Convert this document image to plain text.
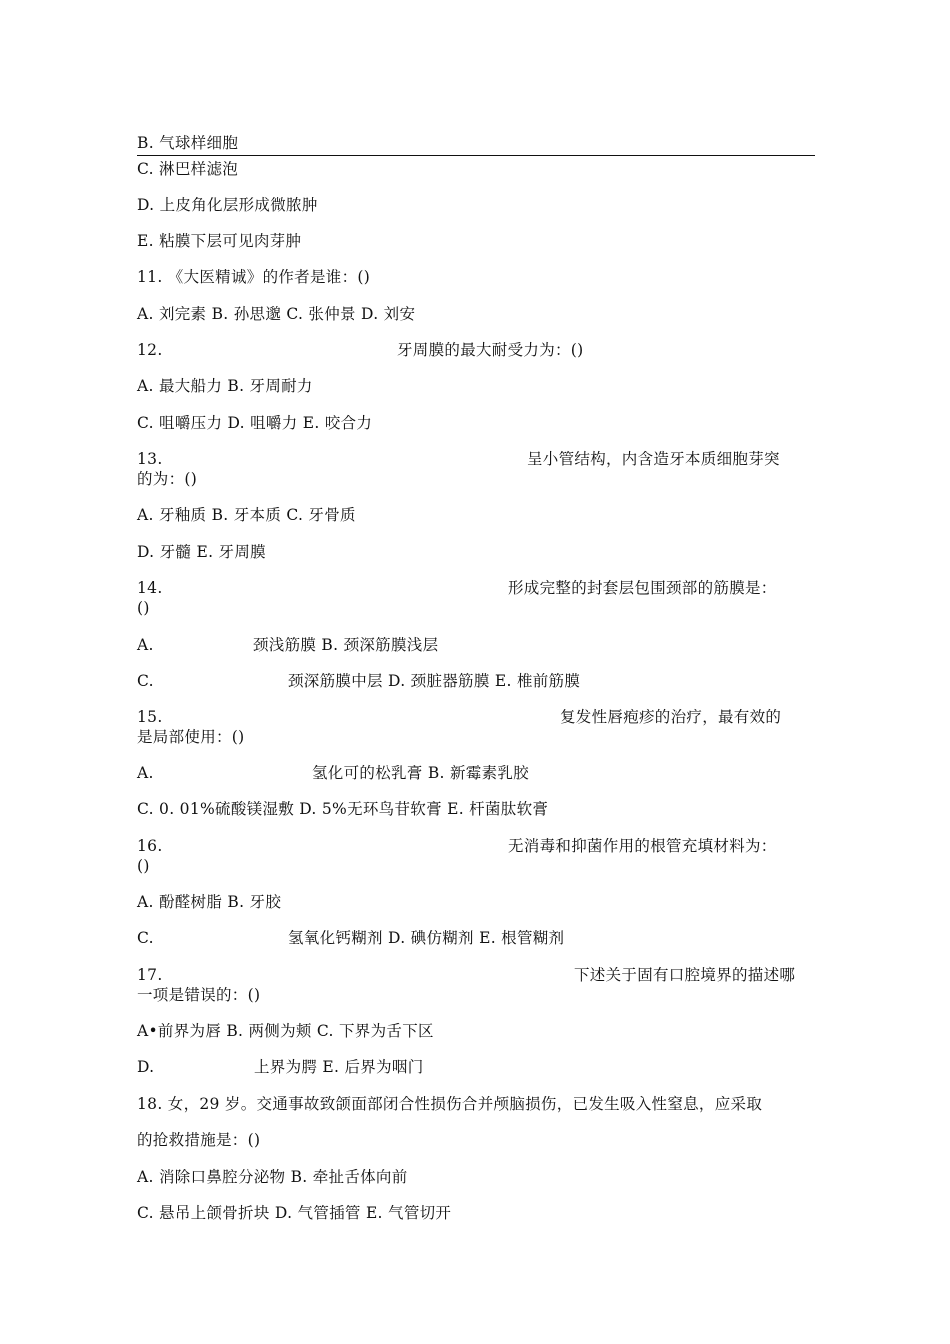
B. 气球样细胞
C. 淋巴样滤泡
D. 上皮角化层形成微脓肿
E. 粘膜下层可见肉芽肿
11. 《大医精诚》的作者是谁：()
A. 刘完素 B. 孙思邈 C. 张仲景 D. 刘安
12.	牙周膜的最大耐受力为：()
A. 最大船力 B. 牙周耐力
C. 咀嚼压力 D. 咀嚼力 E. 咬合力
13.	呈小管结构，内含造牙本质细胞芽突
的为：()
A. 牙釉质 B. 牙本质 C. 牙骨质
D. 牙髓 E. 牙周膜
14.	形成完整的封套层包围颈部的筋膜是：
()
A.	颈浅筋膜 B. 颈深筋膜浅层
C.	颈深筋膜中层 D. 颈脏器筋膜 E. 椎前筋膜
15.	复发性唇疱疹的治疗，最有效的
是局部使用：()
A.	氢化可的松乳膏 B. 新霉素乳胶
C. 0. 01%硫酸镁湿敷 D. 5%无环鸟苷软膏 E. 杆菌肽软膏
16.	无消毒和抑菌作用的根管充填材料为：
()
A. 酚醛树脂 B. 牙胶
C.	氢氧化钙糊剂 D. 碘仿糊剂 E. 根管糊剂
17.	下述关于固有口腔境界的描述哪
一项是错误的：()
A•前界为唇 B. 两侧为颊 C. 下界为舌下区
D.	上界为腭 E. 后界为咽门
18. 女，29 岁。交通事故致颌面部闭合性损伤合并颅脑损伤，已发生吸入性窒息，应采取
的抢救措施是：()
A. 消除口鼻腔分泌物 B. 牵扯舌体向前
C. 悬吊上颌骨折块 D. 气管插管 E. 气管切开
